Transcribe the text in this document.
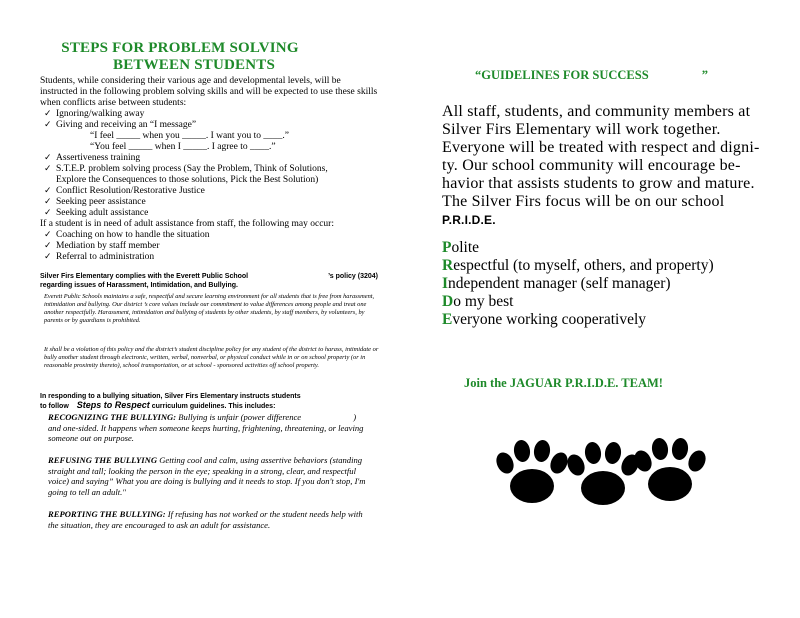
STEPS FOR PROBLEM SOLVING
BETWEEN STUDENTS
Students, while considering their various age and developmental levels, will be instructed in the following problem solving skills and will be expected to use these skills when conflicts arise between students:
✓ Ignoring/walking away
✓ Giving and receiving an “I message”
“I feel _____ when you _____. I want you to ____.”
“You feel _____ when I _____. I agree to ____.”
✓ Assertiveness training
✓ S.T.E.P. problem solving process (Say the Problem, Think of Solutions,
Explore the Consequences to those solutions, Pick the Best Solution)
✓ Conflict Resolution/Restorative Justice
✓ Seeking peer assistance
✓ Seeking adult assistance
If a student is in need of adult assistance from staff, the following may occur:
✓ Coaching on how to handle the situation
✓ Mediation by staff member
✓ Referral to administration
Silver Firs Elementary complies with the Everett Public School	’s policy (3204)
regarding issues of Harassment, Intimidation, and Bullying.
Everett Public Schools maintains a safe, respectful and secure learning environment for all students that is free from harassment, intimidation and bullying. Our district ’s core values include our commitment to value differences among people and treat one another respectfully. Harassment, intimidation and bullying of students by other students, by staff members, by volunteers, by parents or by guardians is prohibited.
It shall be a violation of this policy and the district’s student discipline policy for any student of the district to harass, intimidate or bully another student through electronic, written, verbal, nonverbal, or physical conduct while in or on school property (or in reasonable proximity thereto), school transportation, or at school - sponsored activities off school property.
In responding to a bullying situation, Silver Firs Elementary instructs students
to follow Steps to Respect curriculum guidelines. This includes:
RECOGNIZING THE BULLYING: Bullying is unfair (power difference	)
and one-sided. It happens when someone keeps hurting, frightening, threatening, or leaving someone out on purpose.
REFUSING THE BULLYING Getting cool and calm, using assertive behaviors (standing straight and tall; looking the person in the eye; speaking in a strong, clear, and respectful voice) and saying” What you are doing is bullying and it needs to stop. If you don't stop, I'm going to tell an adult."
REPORTING THE BULLYING: If refusing has not worked or the student needs help with the situation, they are encouraged to ask an adult for assistance.
“GUIDELINES FOR SUCCESS	”
All staff, students, and community members at
Silver Firs Elementary will work together.
Everyone will be treated with respect and digni-
ty. Our school community will encourage be-
havior that assists students to grow and mature.
The Silver Firs focus will be on our school
P.R.I.D.E.
Polite
Respectful (to myself, others, and property)
Independent manager (self manager)
Do my best
Everyone working cooperatively
Join the JAGUAR P.R.I.D.E. TEAM!
